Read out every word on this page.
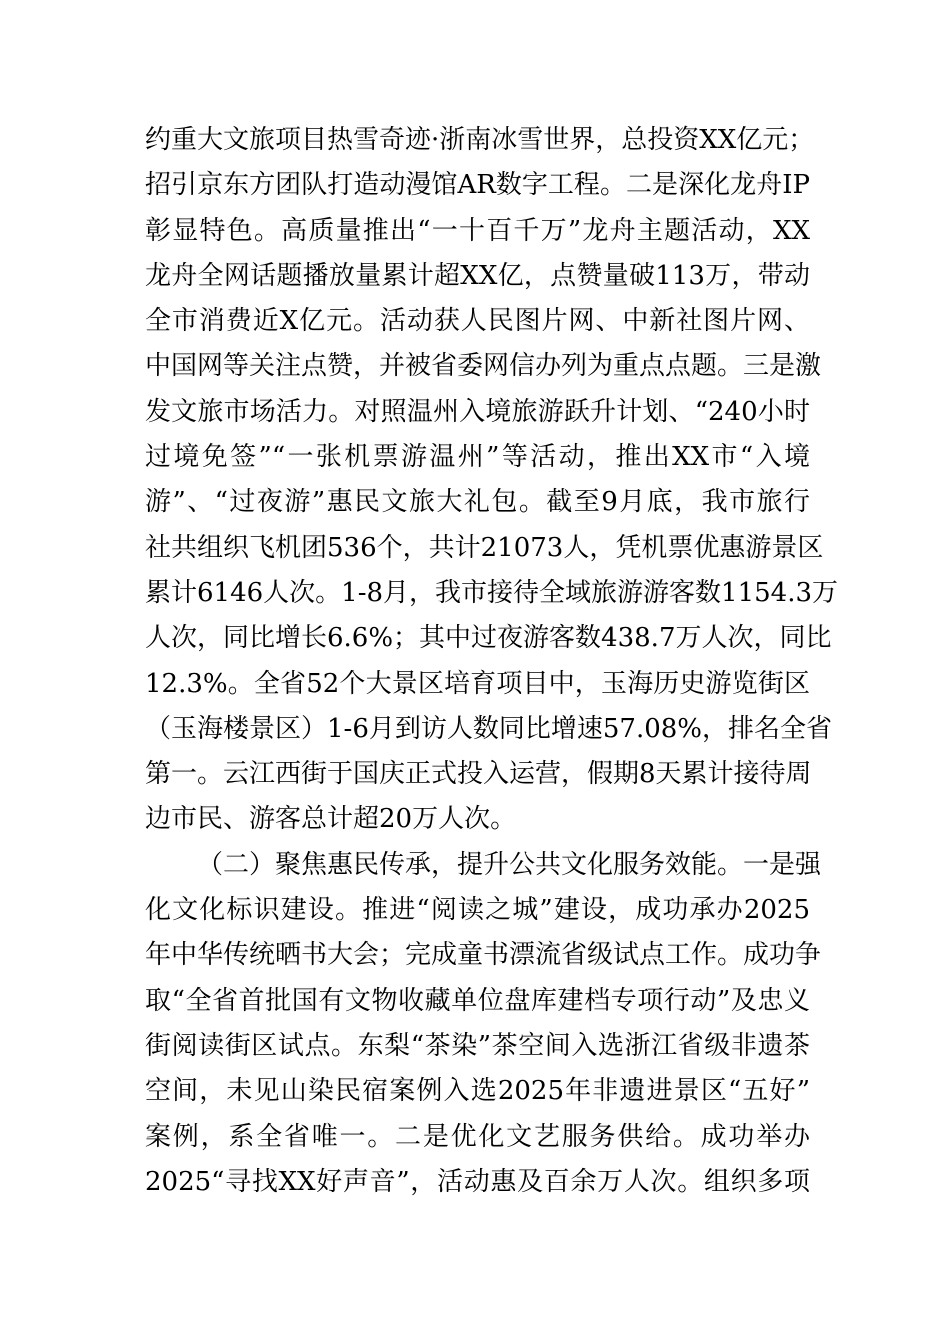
约重大文旅项目热雪奇迹·浙南冰雪世界，总投资XX亿元；
招引京东方团队打造动漫馆AR数字工程。二是深化龙舟IP
彰显特色。高质量推出“一十百千万”龙舟主题活动，XX
龙舟全网话题播放量累计超XX亿，点赞量破113万，带动
全市消费近X亿元。活动获人民图片网、中新社图片网、
中国网等关注点赞，并被省委网信办列为重点点题。三是激
发文旅市场活力。对照温州入境旅游跃升计划、“240小时
过境免签”“一张机票游温州”等活动，推出XX市“入境
游”、“过夜游”惠民文旅大礼包。截至9月底，我市旅行
社共组织飞机团536个，共计21073人，凭机票优惠游景区
累计6146人次。1-8月，我市接待全域旅游游客数1154.3万
人次，同比增长6.6%；其中过夜游客数438.7万人次，同比
12.3%。全省52个大景区培育项目中，玉海历史游览街区
（玉海楼景区）1-6月到访人数同比增速57.08%，排名全省
第一。云江西街于国庆正式投入运营，假期8天累计接待周
边市民、游客总计超20万人次。
（二）聚焦惠民传承，提升公共文化服务效能。一是强
化文化标识建设。推进“阅读之城”建设，成功承办2025
年中华传统晒书大会；完成童书漂流省级试点工作。成功争
取“全省首批国有文物收藏单位盘库建档专项行动”及忠义
街阅读街区试点。东梨“茶染”茶空间入选浙江省级非遗茶
空间，未见山染民宿案例入选2025年非遗进景区“五好”
案例，系全省唯一。二是优化文艺服务供给。成功举办
2025“寻找XX好声音”，活动惠及百余万人次。组织多项
